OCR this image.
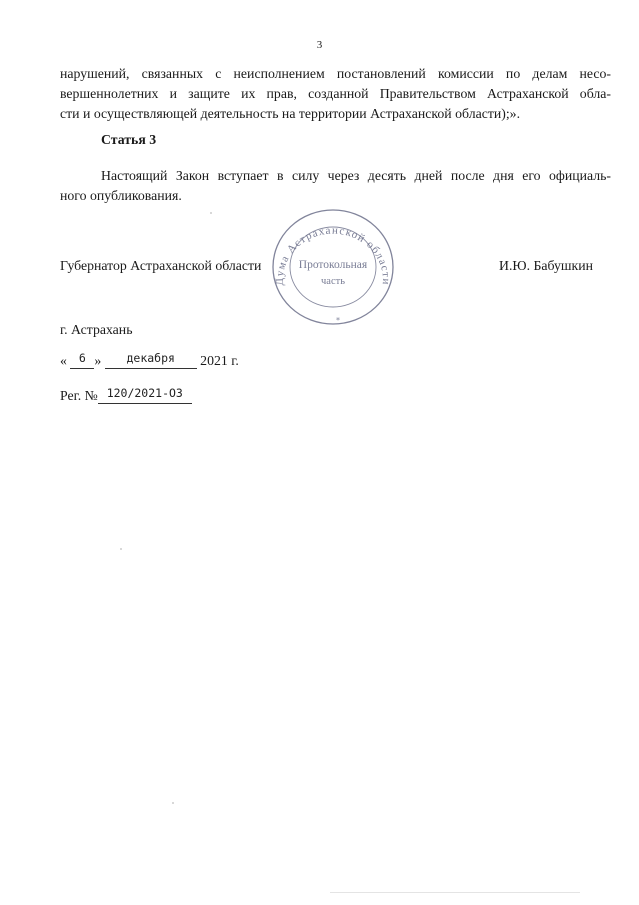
3

нарушений, связанных с неисполнением постановлений комиссии по делам несо-
вершеннолетних и защите их прав, созданной Правительством Астраханской обла-
сти и осуществляющей деятельность на территории Астраханской области);».

Статья 3

Настоящий Закон вступает в силу через десять дней после дня его официаль-
ного опубликования.

Губернатор Астраханской области	И.Ю. Бабушкин
Дума Астраханской области
Протокольная
часть
*
г. Астрахань
« $^6$ » $^{декабря}$ 2021 г.
Рег. № $^{120/2021-ОЗ}$
